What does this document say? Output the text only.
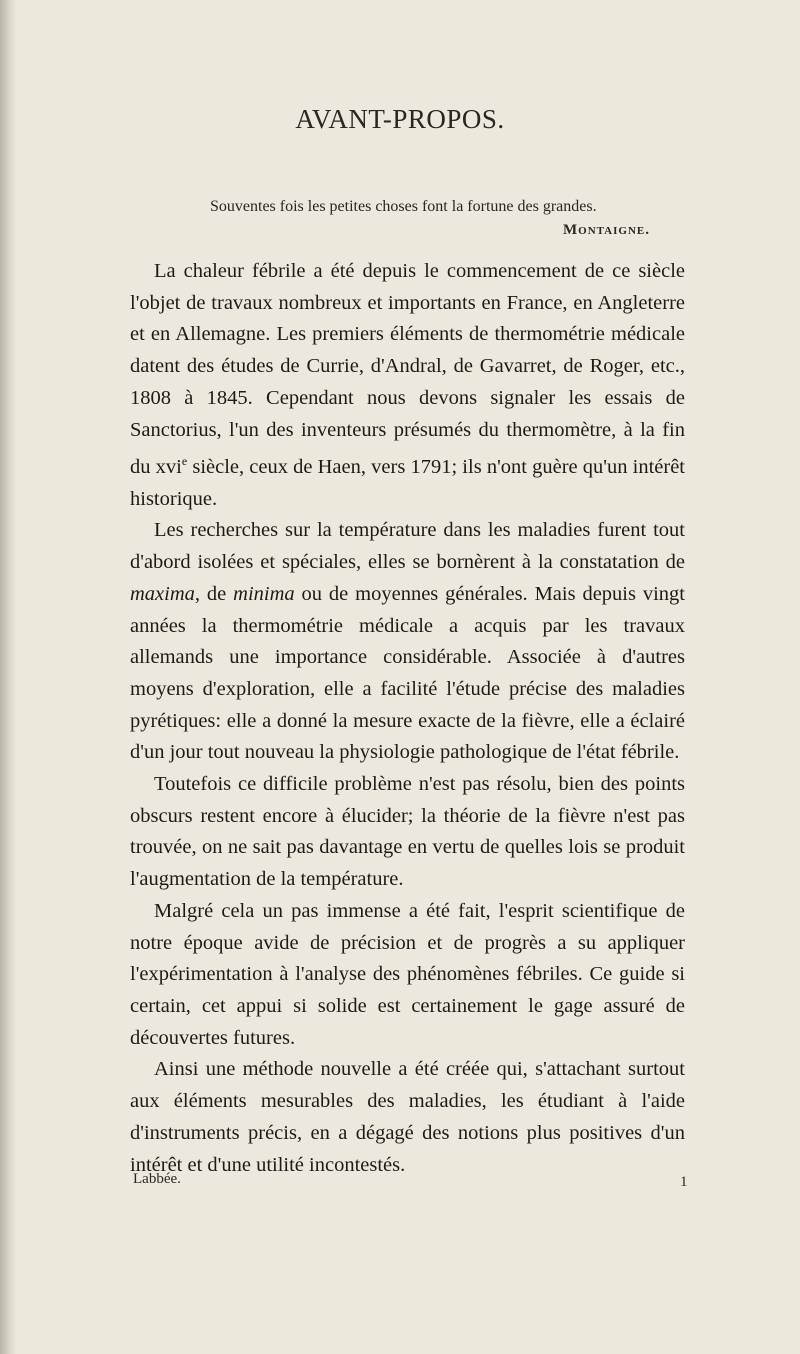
AVANT-PROPOS.
Souventes fois les petites choses font la fortune des grandes.
Montaigne.

La chaleur fébrile a été depuis le commencement de ce siècle l'objet de travaux nombreux et importants en France, en Angleterre et en Allemagne. Les premiers éléments de thermométrie médicale datent des études de Currie, d'Andral, de Gavarret, de Roger, etc., 1808 à 1845. Cependant nous devons signaler les essais de Sanctorius, l'un des inventeurs présumés du thermomètre, à la fin du xvi$^e$ siècle, ceux de Haen, vers 1791; ils n'ont guère qu'un intérêt historique.

Les recherches sur la température dans les maladies furent tout d'abord isolées et spéciales, elles se bornèrent à la constatation de maxima, de minima ou de moyennes générales. Mais depuis vingt années la thermométrie médicale a acquis par les travaux allemands une importance considérable. Associée à d'autres moyens d'exploration, elle a facilité l'étude précise des maladies pyrétiques: elle a donné la mesure exacte de la fièvre, elle a éclairé d'un jour tout nouveau la physiologie pathologique de l'état fébrile.

Toutefois ce difficile problème n'est pas résolu, bien des points obscurs restent encore à élucider; la théorie de la fièvre n'est pas trouvée, on ne sait pas davantage en vertu de quelles lois se produit l'augmentation de la température.

Malgré cela un pas immense a été fait, l'esprit scientifique de notre époque avide de précision et de progrès a su appliquer l'expérimentation à l'analyse des phénomènes fébriles. Ce guide si certain, cet appui si solide est certainement le gage assuré de découvertes futures.

Ainsi une méthode nouvelle a été créée qui, s'attachant surtout aux éléments mesurables des maladies, les étudiant à l'aide d'instruments précis, en a dégagé des notions plus positives d'un intérêt et d'une utilité incontestés.

Labbée.	1
